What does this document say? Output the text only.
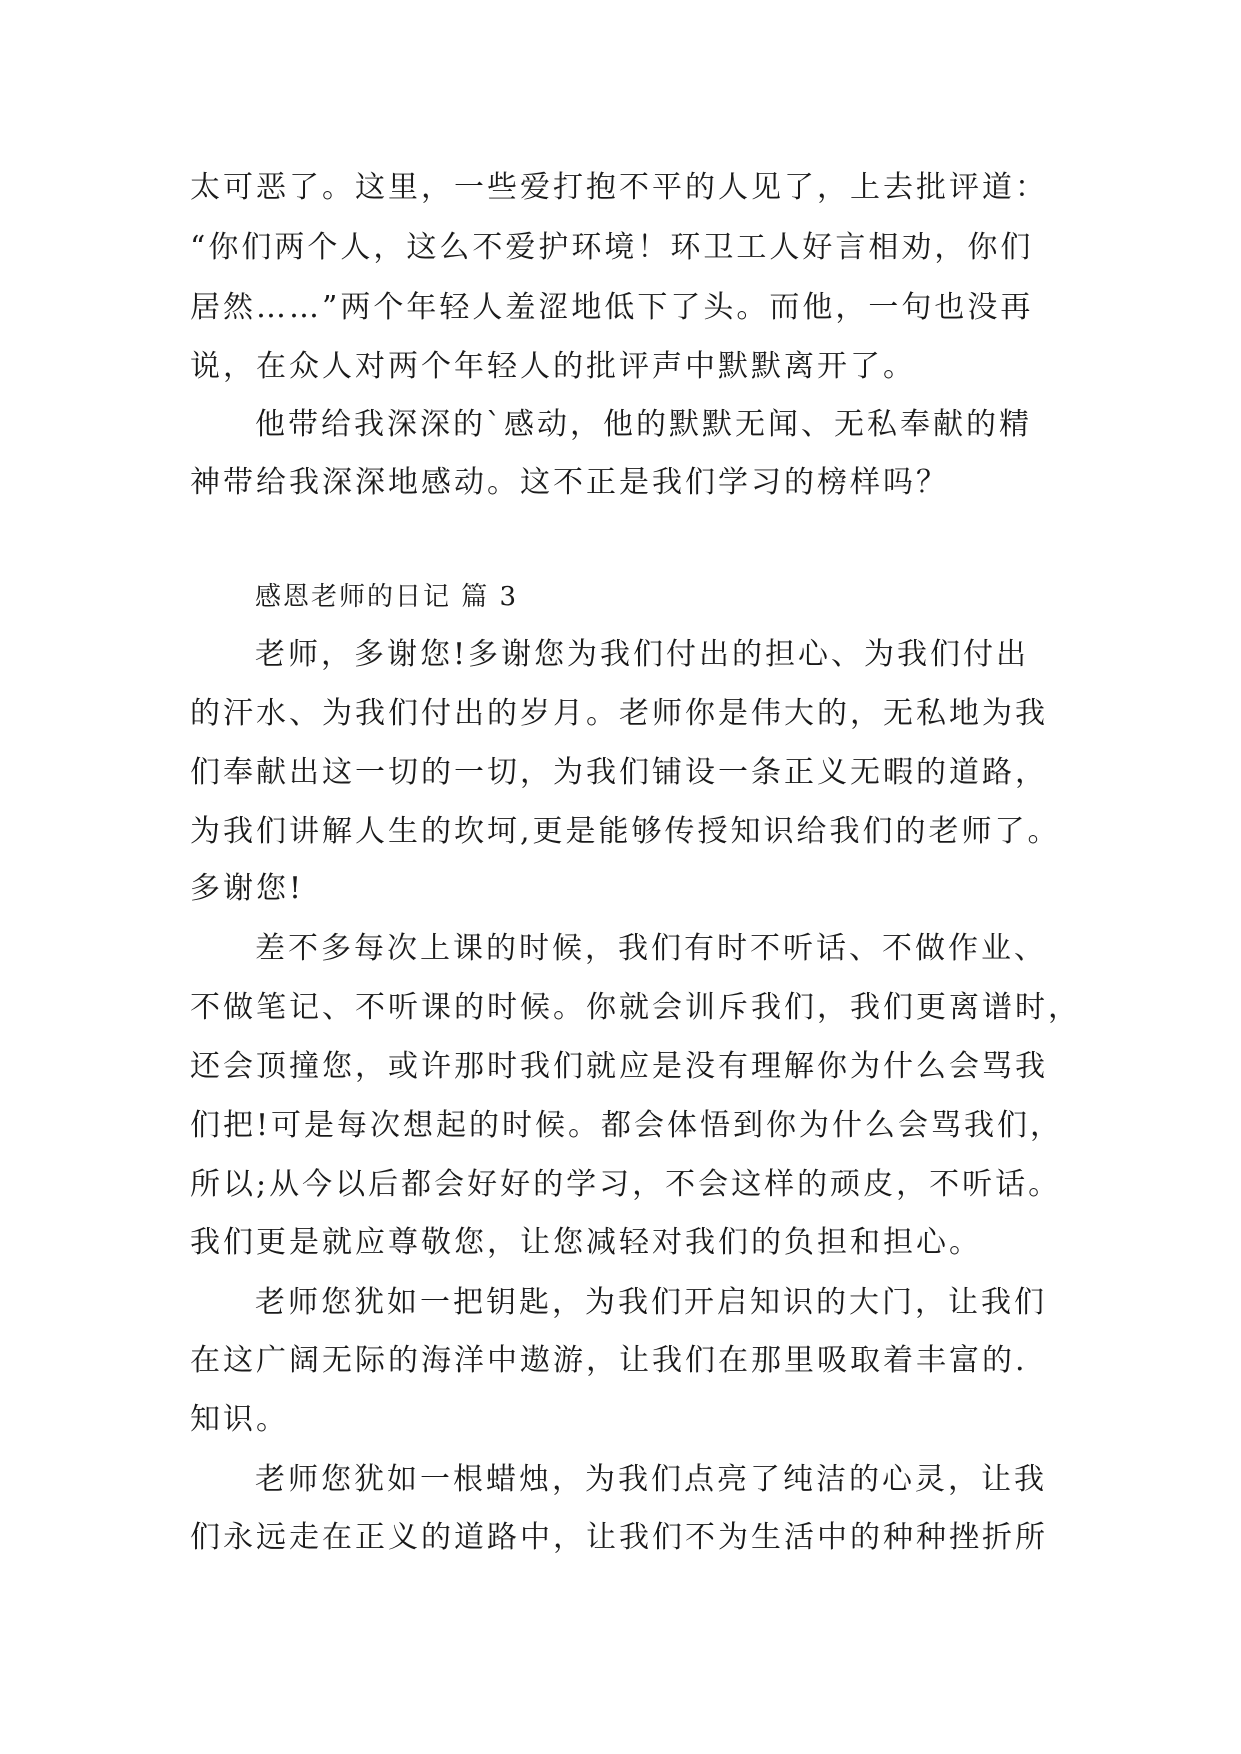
太可恶了。这里，一些爱打抱不平的人见了，上去批评道：
“你们两个人，这么不爱护环境！环卫工人好言相劝，你们
居然……”两个年轻人羞涩地低下了头。而他，一句也没再
说，在众人对两个年轻人的批评声中默默离开了。
他带给我深深的`感动，他的默默无闻、无私奉献的精
神带给我深深地感动。这不正是我们学习的榜样吗？
感恩老师的日记 篇 3
老师，多谢您!多谢您为我们付出的担心、为我们付出
的汗水、为我们付出的岁月。老师你是伟大的，无私地为我
们奉献出这一切的一切，为我们铺设一条正义无暇的道路，
为我们讲解人生的坎坷,更是能够传授知识给我们的老师了。
多谢您!
差不多每次上课的时候，我们有时不听话、不做作业、
不做笔记、不听课的时候。你就会训斥我们，我们更离谱时，
还会顶撞您，或许那时我们就应是没有理解你为什么会骂我
们把!可是每次想起的时候。都会体悟到你为什么会骂我们，
所以;从今以后都会好好的学习，不会这样的顽皮，不听话。
我们更是就应尊敬您，让您减轻对我们的负担和担心。
老师您犹如一把钥匙，为我们开启知识的大门，让我们
在这广阔无际的海洋中遨游，让我们在那里吸取着丰富的.
知识。
老师您犹如一根蜡烛，为我们点亮了纯洁的心灵，让我
们永远走在正义的道路中，让我们不为生活中的种种挫折所
